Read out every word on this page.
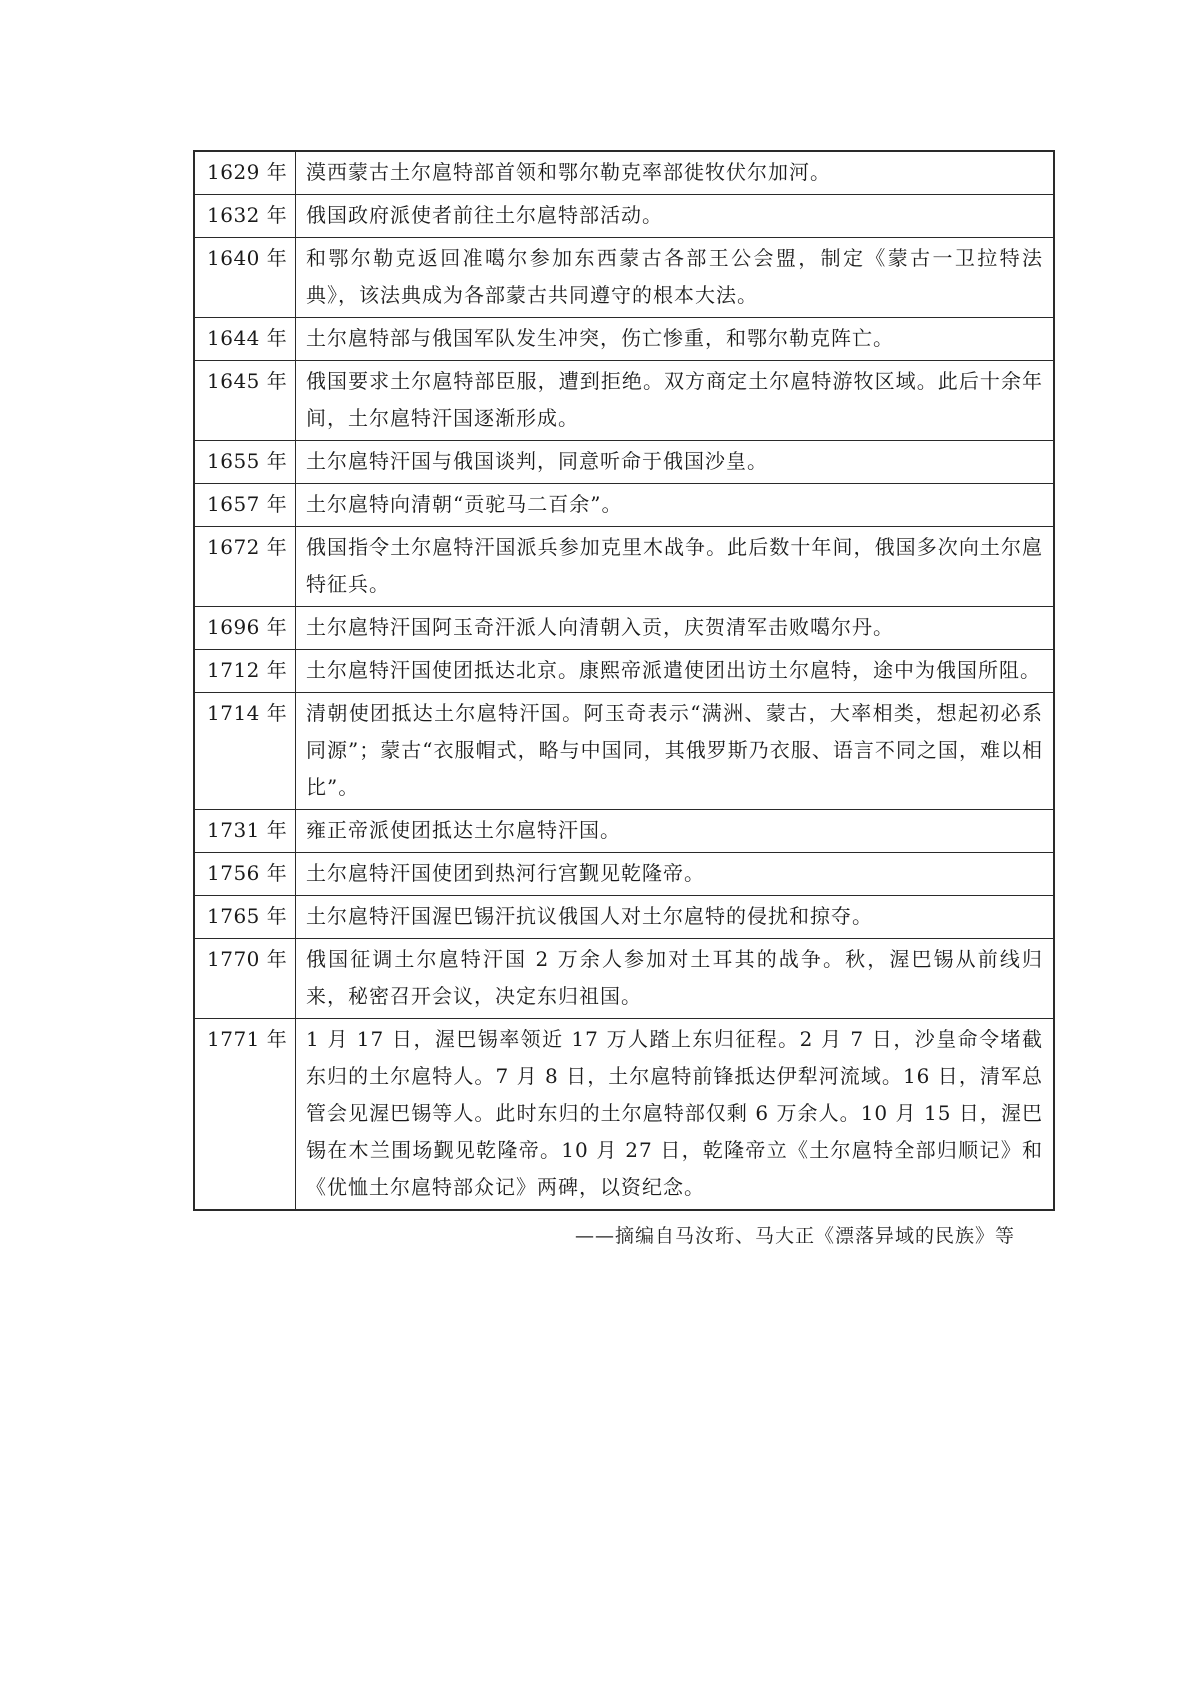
1629 年	漠西蒙古土尔扈特部首领和鄂尔勒克率部徙牧伏尔加河。
1632 年	俄国政府派使者前往土尔扈特部活动。
1640 年	和鄂尔勒克返回准噶尔参加东西蒙古各部王公会盟，制定《蒙古一卫拉特法典》，该法典成为各部蒙古共同遵守的根本大法。
1644 年	土尔扈特部与俄国军队发生冲突，伤亡惨重，和鄂尔勒克阵亡。
1645 年	俄国要求土尔扈特部臣服，遭到拒绝。双方商定土尔扈特游牧区域。此后十余年间，土尔扈特汗国逐渐形成。
1655 年	土尔扈特汗国与俄国谈判，同意听命于俄国沙皇。
1657 年	土尔扈特向清朝“贡驼马二百余”。
1672 年	俄国指令土尔扈特汗国派兵参加克里木战争。此后数十年间，俄国多次向土尔扈特征兵。
1696 年	土尔扈特汗国阿玉奇汗派人向清朝入贡，庆贺清军击败噶尔丹。
1712 年	土尔扈特汗国使团抵达北京。康熙帝派遣使团出访土尔扈特，途中为俄国所阻。
1714 年	清朝使团抵达土尔扈特汗国。阿玉奇表示“满洲、蒙古，大率相类，想起初必系同源”；蒙古“衣服帽式，略与中国同，其俄罗斯乃衣服、语言不同之国，难以相比”。
1731 年	雍正帝派使团抵达土尔扈特汗国。
1756 年	土尔扈特汗国使团到热河行宫觐见乾隆帝。
1765 年	土尔扈特汗国渥巴锡汗抗议俄国人对土尔扈特的侵扰和掠夺。
1770 年	俄国征调土尔扈特汗国 2 万余人参加对土耳其的战争。秋，渥巴锡从前线归来，秘密召开会议，决定东归祖国。
1771 年	1 月 17 日，渥巴锡率领近 17 万人踏上东归征程。2 月 7 日，沙皇命令堵截东归的土尔扈特人。7 月 8 日，土尔扈特前锋抵达伊犁河流域。16 日，清军总管会见渥巴锡等人。此时东归的土尔扈特部仅剩 6 万余人。10 月 15 日，渥巴锡在木兰围场觐见乾隆帝。10 月 27 日，乾隆帝立《土尔扈特全部归顺记》和《优恤土尔扈特部众记》两碑，以资纪念。
——摘编自马汝珩、马大正《漂落异域的民族》等
